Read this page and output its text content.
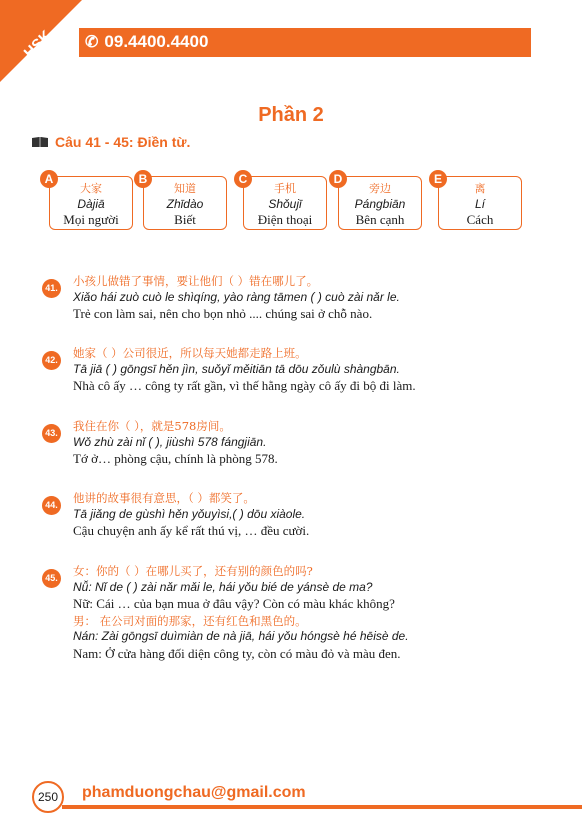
HSK ✆ 09.4400.4400
Phần 2
Câu 41 - 45: Điền từ.
大家
Dàjiā
Mọi người
A
知道
Zhīdào
Biết
B
手机
Shǒujī
Điện thoại
C
旁边
Pángbiān
Bên cạnh
D
离
Lí
Cách
E
41. 小孩儿做错了事情，要让他们（ ）错在哪儿了。
Xiǎo hái zuò cuò le shìqíng, yào ràng tāmen ( ) cuò zài nǎr le.
Trẻ con làm sai, nên cho bọn nhỏ .... chúng sai ở chỗ nào.
42. 她家（ ）公司很近，所以每天她都走路上班。
Tā jiā ( ) gōngsī hěn jìn, suǒyǐ měitiān tā dōu zǒulù shàngbān.
Nhà cô ấy … công ty rất gần, vì thế hằng ngày cô ấy đi bộ đi làm.
43. 我住在你（ ），就是578房间。
Wǒ zhù zài nǐ ( ), jiùshì 578 fángjiān.
Tớ ở… phòng cậu, chính là phòng 578.
44. 他讲的故事很有意思，（ ）都笑了。
Tā jiǎng de gùshì hěn yǒuyìsi,( ) dōu xiàole.
Cậu chuyện anh ấy kể rất thú vị, … đều cười.
45. 女：你的（ ）在哪儿买了，还有别的颜色的吗?
Nǚ: Nǐ de ( ) zài nǎr mǎi le, hái yǒu bié de yánsè de ma?
Nữ: Cái … của bạn mua ở đâu vậy? Còn có màu khác không?
男： 在公司对面的那家，还有红色和黑色的。
Nán: Zài gōngsī duìmiàn de nà jiā, hái yǒu hóngsè hé hēisè de.
Nam: Ở cửa hàng đối diện công ty, còn có màu đỏ và màu đen.
250	phamduongchau@gmail.com
